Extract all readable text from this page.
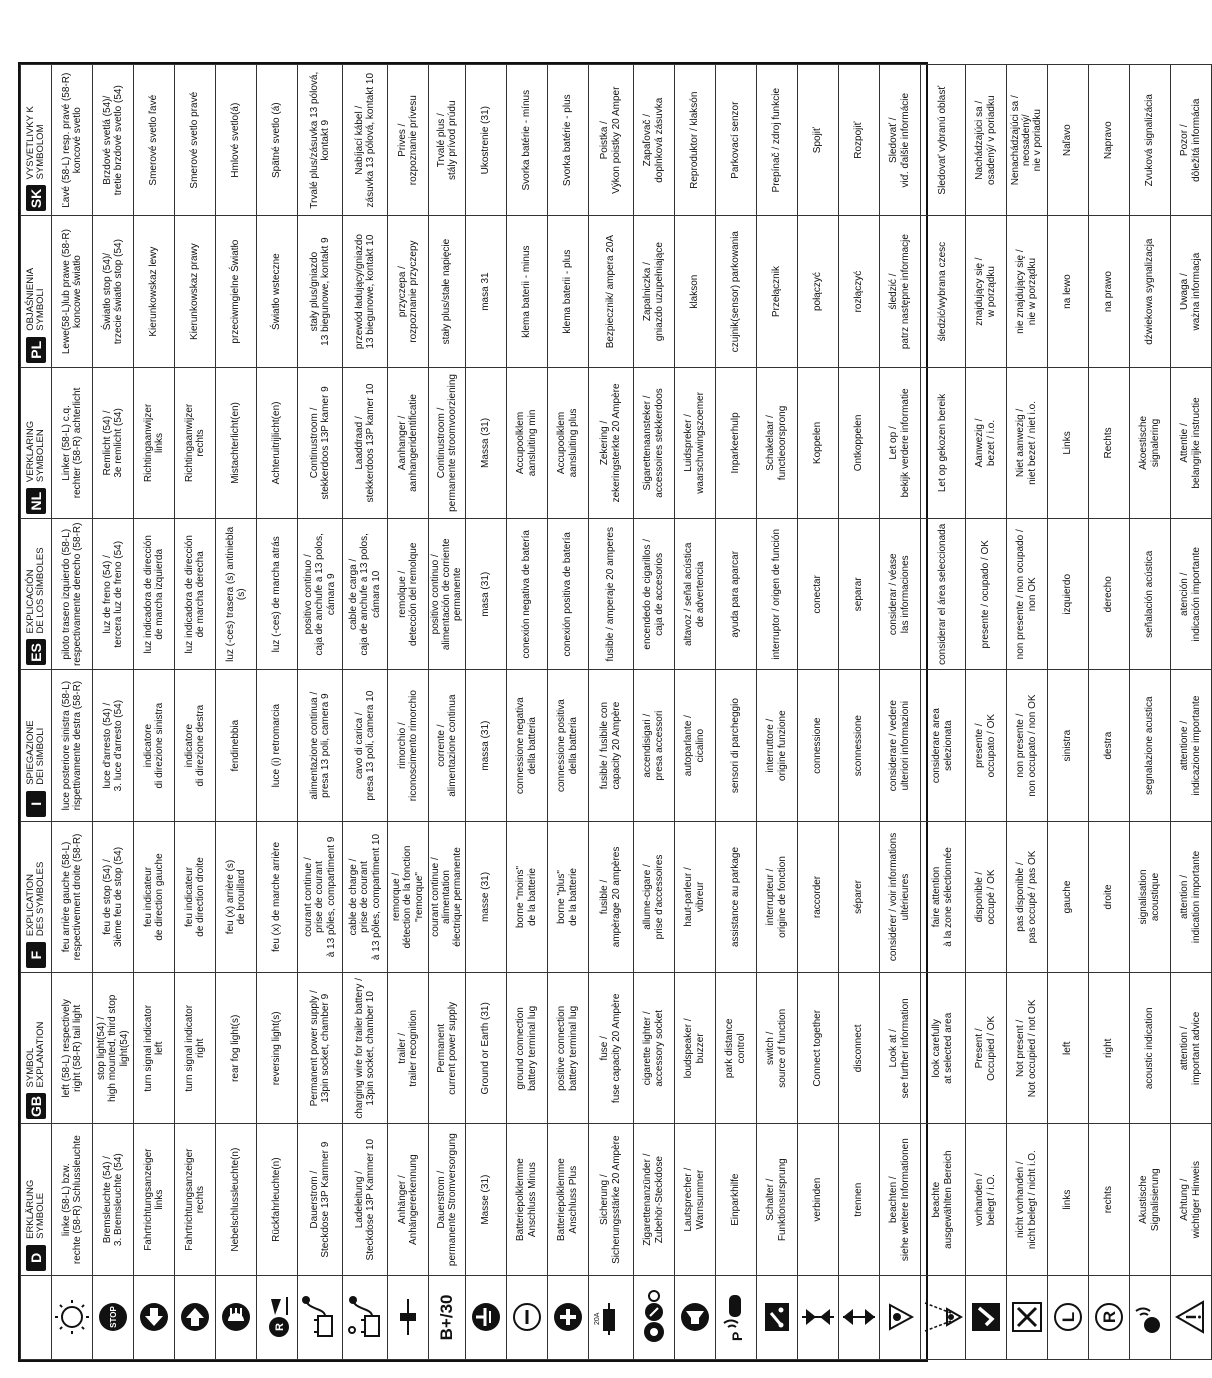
	D
ERKLÄRUNG
SYMBOLE	GB
SYMBOL
EXPLANATION	F
EXPLICATION
DES SYMBOLES	I
SPIEGAZIONE
DEI SIMBOLI	ES
EXPLICACIÓN
DE LOS SÍMBOLES	NL
VERKLARING
SYMBOLEN	PL
OBJAŚNIENIA
SYMBOLI	SK
VYSVETLIVKY K
SYMBOLOM

	linke (58-L) bzw.
rechte (58-R) Schlussleuchte	left (58-L) respectively
right (58-R) tail light	feu arrière gauche (58-L)
respectivement droite (58-R)	luce posteriore sinistra (58-L)
rispettivamente destra (58-R)	piloto trasero izquierdo (58-L)
respectivamente derecho (58-R)	Linker (58-L) c.q.
rechter (58-R) achterlicht	Lewe(58-L)lub prawe (58-R)
koncowe światło	Ľavé (58-L) resp. pravé (58-R)
koncové svetlo

STOP	Bremsleuchte (54) /
3. Bremsleuchte (54)	stop light(54) /
high mounted, third stop light(54)	feu de stop (54) /
3ième feu de stop (54)	luce d'arresto (54) /
3. luce d'arresto (54)	luz de freno (54) /
tercera luz de freno (54)	Remlicht (54) /
3e remlicht (54)	Światło stop (54)/
trzecie światło stop (54)	Brzdové svetlá (54)/
tretie brzdové svetlo (54)

	Fahrtrichtungsanzeiger
links	turn signal indicator
left	feu indicateur
de direction gauche	indicatore
di direzione sinistra	luz indicadora de dirección
de marcha izquierda	Richtingaanwijzer
links	Kierunkowskaz lewy	Smerové svetlo ľavé

	Fahrtrichtungsanzeiger
rechts	turn signal indicator
right	feu indicateur
de direction droite	indicatore
di direzione destra	luz indicadora de dirección
de marcha derecha	Richtingaanwijzer
rechts	Kierunkowskaz prawy	Smerové svetlo pravé

	Nebelschlussleuchte(n)	rear fog light(s)	feu (x) arrière (s)
de brouillard	fendinebbia	luz (-ces) trasera (s) antiniebla (s)	Mistachterlicht(en)	przeciwmgielne Światło	Hmlové svetlo(á)

R	Rückfahrleuchte(n)	reversing light(s)	feu (x) de marche arrière	luce (i) retromarcia	luz (-ces) de marcha atrás	Achteruitrijlicht(en)	Światło wsteczne	Spätné svetlo (á)

	Dauerstrom /
Steckdose 13P Kammer 9	Permanent power supply /
13pin socket, chamber 9	courant continue /
prise de courant
à 13 pôles, compartiment 9	alimentazione continua /
presa 13 poli, camera 9	positivo continuo /
caja de anchufe a 13 polos,
cámara 9	Continustroom /
stekkerdoos 13P kamer 9	stały plus/gniazdo
13 biegunowe, kontakt 9	Trvalé plus/zásuvka 13 pólová,
kontakt 9

	Ladeleitung /
Steckdose 13P Kammer 10	charging wire for trailer battery /
13pin socket, chamber 10	cable de charge /
prise de courant
à 13 pôles, compartiment 10	cavo di carica /
presa 13 poli, camera 10	cable de carga /
caja de anchufe a 13 polos,
cámara 10	Laaddraad /
stekkerdoos 13P kamer 10	przewód ładujący/gniazdo
13 biegunowe, kontakt 10	Nabíjací kábel /
zásuvka 13 pólová, kontakt 10

	Anhänger /
Anhängererkennung	trailer /
trailer recognition	remorque /
détection de la fonction
"remorque"	rimorchio /
riconoscimento rimorchio	remolque /
detección del remolque	Aanhanger /
aanhangeridentificatie	przyczepa /
rozpoznanie przyczepy	Prives /
rozpoznanie prívesu
B+/30	Dauerstrom /
permanente Stromversorgung	Permanent
current power supply	courant continue /
alimentation
électrique permanente	corrente /
alimentazione continua	positivo continuo /
alimentación de corriente
permanente	Continustroom /
permanente stroomvoorziening	stały plus/stałe napięcie	Trvalé plus /
stály prívod prúdu

	Masse (31)	Ground or Earth (31)	masse (31)	massa (31)	masa (31)	Massa (31)	masa 31	Ukostrenie (31)

	Batteriepolklemme
Anschluss Minus	ground connection
battery terminal lug	borne "moins"
de la batterie	connessione negativa
della batteria	conexión negativa de batería	Accupoolklem
aansluiting min	klema baterii - minus	Svorka batérie - mínus

	Batteriepolklemme
Anschluss Plus	positive connection
battery terminal lug	borne "plus"
de la batterie	connessione positiva
della batteria	conexión positiva de batería	Accupoolklem
aansluiting plus	klema baterii - plus	Svorka batérie - plus

20A	Sicherung /
Sicherungsstärke 20 Ampère	fuse /
fuse capacity 20 Ampère	fusible /
ampèrage 20 ampères	fusible / fusibile con
capacity 20 Ampère	fusible / amperaje 20 amperes	Zekering /
zekeringsterkte 20 Ampère	Bezpiecznik/ ampera 20A	Poistka /
Výkon poistky 20 Amper

	Zigarettenanzünder /
Zubehör-Steckdose	cigarette lighter /
accessory socket	allume-cigare /
prise d'accessoires	accendisigari /
presa accessori	encendedo de cigarillos /
caja de accesorios	Sigarettenaansteker /
accessoires stekkerdoos	Zapalniczka /
gniazdo uzupełniające	Zapaľovač /
doplnková zásuvka

	Lautsprecher /
Warnsummer	loudspeaker /
buzzer	haut-parleur /
vibreur	autoparlante /
cicalino	altavoz / señal acústica
de advertencia	Luidspreker /
waarschuwingszoemer	klakson	Reproduktor / klaksón

P	Einparkhilfe	park distance
control	assistance au parkage	sensori di parcheggio	ayuda para aparcar	Inparkeerhulp	czujnik(sensor) parkowania	Parkovací senzor

	Schalter /
Funktionsursprung	switch /
source of function	interrupteur /
origine de fonction	interruttore /
origine funzione	interruptor / origen de función	Schakelaar /
functieoorsprong	Przełącznik	Prepínač / zdroj funkcie

	verbinden	Connect together	raccorder	connessione	conectar	Koppelen	połączyć	Spojiť

	trennen	disconnect	séparer	sconnessione	separar	Ontkoppelen	rozłączyć	Rozpojiť

	beachten /
siehe weitere Informationen	Look at /
see further information	considérer / voir informations
ultérieures	considerare / vedere
ulteriori informazioni	considerar / véase
las informaciones	Let op /
bekijk verdere informatie	śledzić /
patrz następne informacje	Sledovať /
viď. ďalšie informácie

	beachte
ausgewählten Bereich	look carefully
at selected area	faire attention
à la zone sélectionnée	considerare area
selezionata	considerar el área seleccionada	Let op gekozen bereik	śledzić/wybrana czesc	Sledovať vybranú oblasť

	vorhanden /
belegt / i.O.	Present /
Occupied / OK	disponible /
occupé / OK	presente /
occupato / OK	presente / ocupado / OK	Aanwezig /
bezet / i.o.	znajdujący się /
w porządku	Nachádzajúci sa /
osadený/ v poriadku

	nicht vorhanden /
nicht belegt / nicht i.O.	Not present /
Not occupied / not OK	pas disponible /
pas occupé / pas OK	non presente /
non occupato / non OK	non presente / non ocupado /
non OK	Niet aanwezig /
niet bezet / niet i.o.	nie znajdujący się /
nie w porządku	Nenachádzajúci sa /
neosadený/
nie v poriadku

L	links	left	gauche	sinistra	izquierdo	Links	na lewo	Naľavo

R	rechts	right	droite	destra	derecho	Rechts	na prawo	Napravo

	Akustische
Signalisierung	acoustic indication	signalisation
acoustique	segnalazione acustica	señalación acústica	Akoestische
signalering	dźwiekowa sygnalizacja	Zvuková signalizácia

	Achtung /
wichtiger Hinweis	attention /
important advice	attention /
indication importante	attentione /
indicazione importante	atención /
indicación importante	Attentie /
belangrijke instructie	Uwaga /
ważna informacja	Pozor /
dôležitá informácia
